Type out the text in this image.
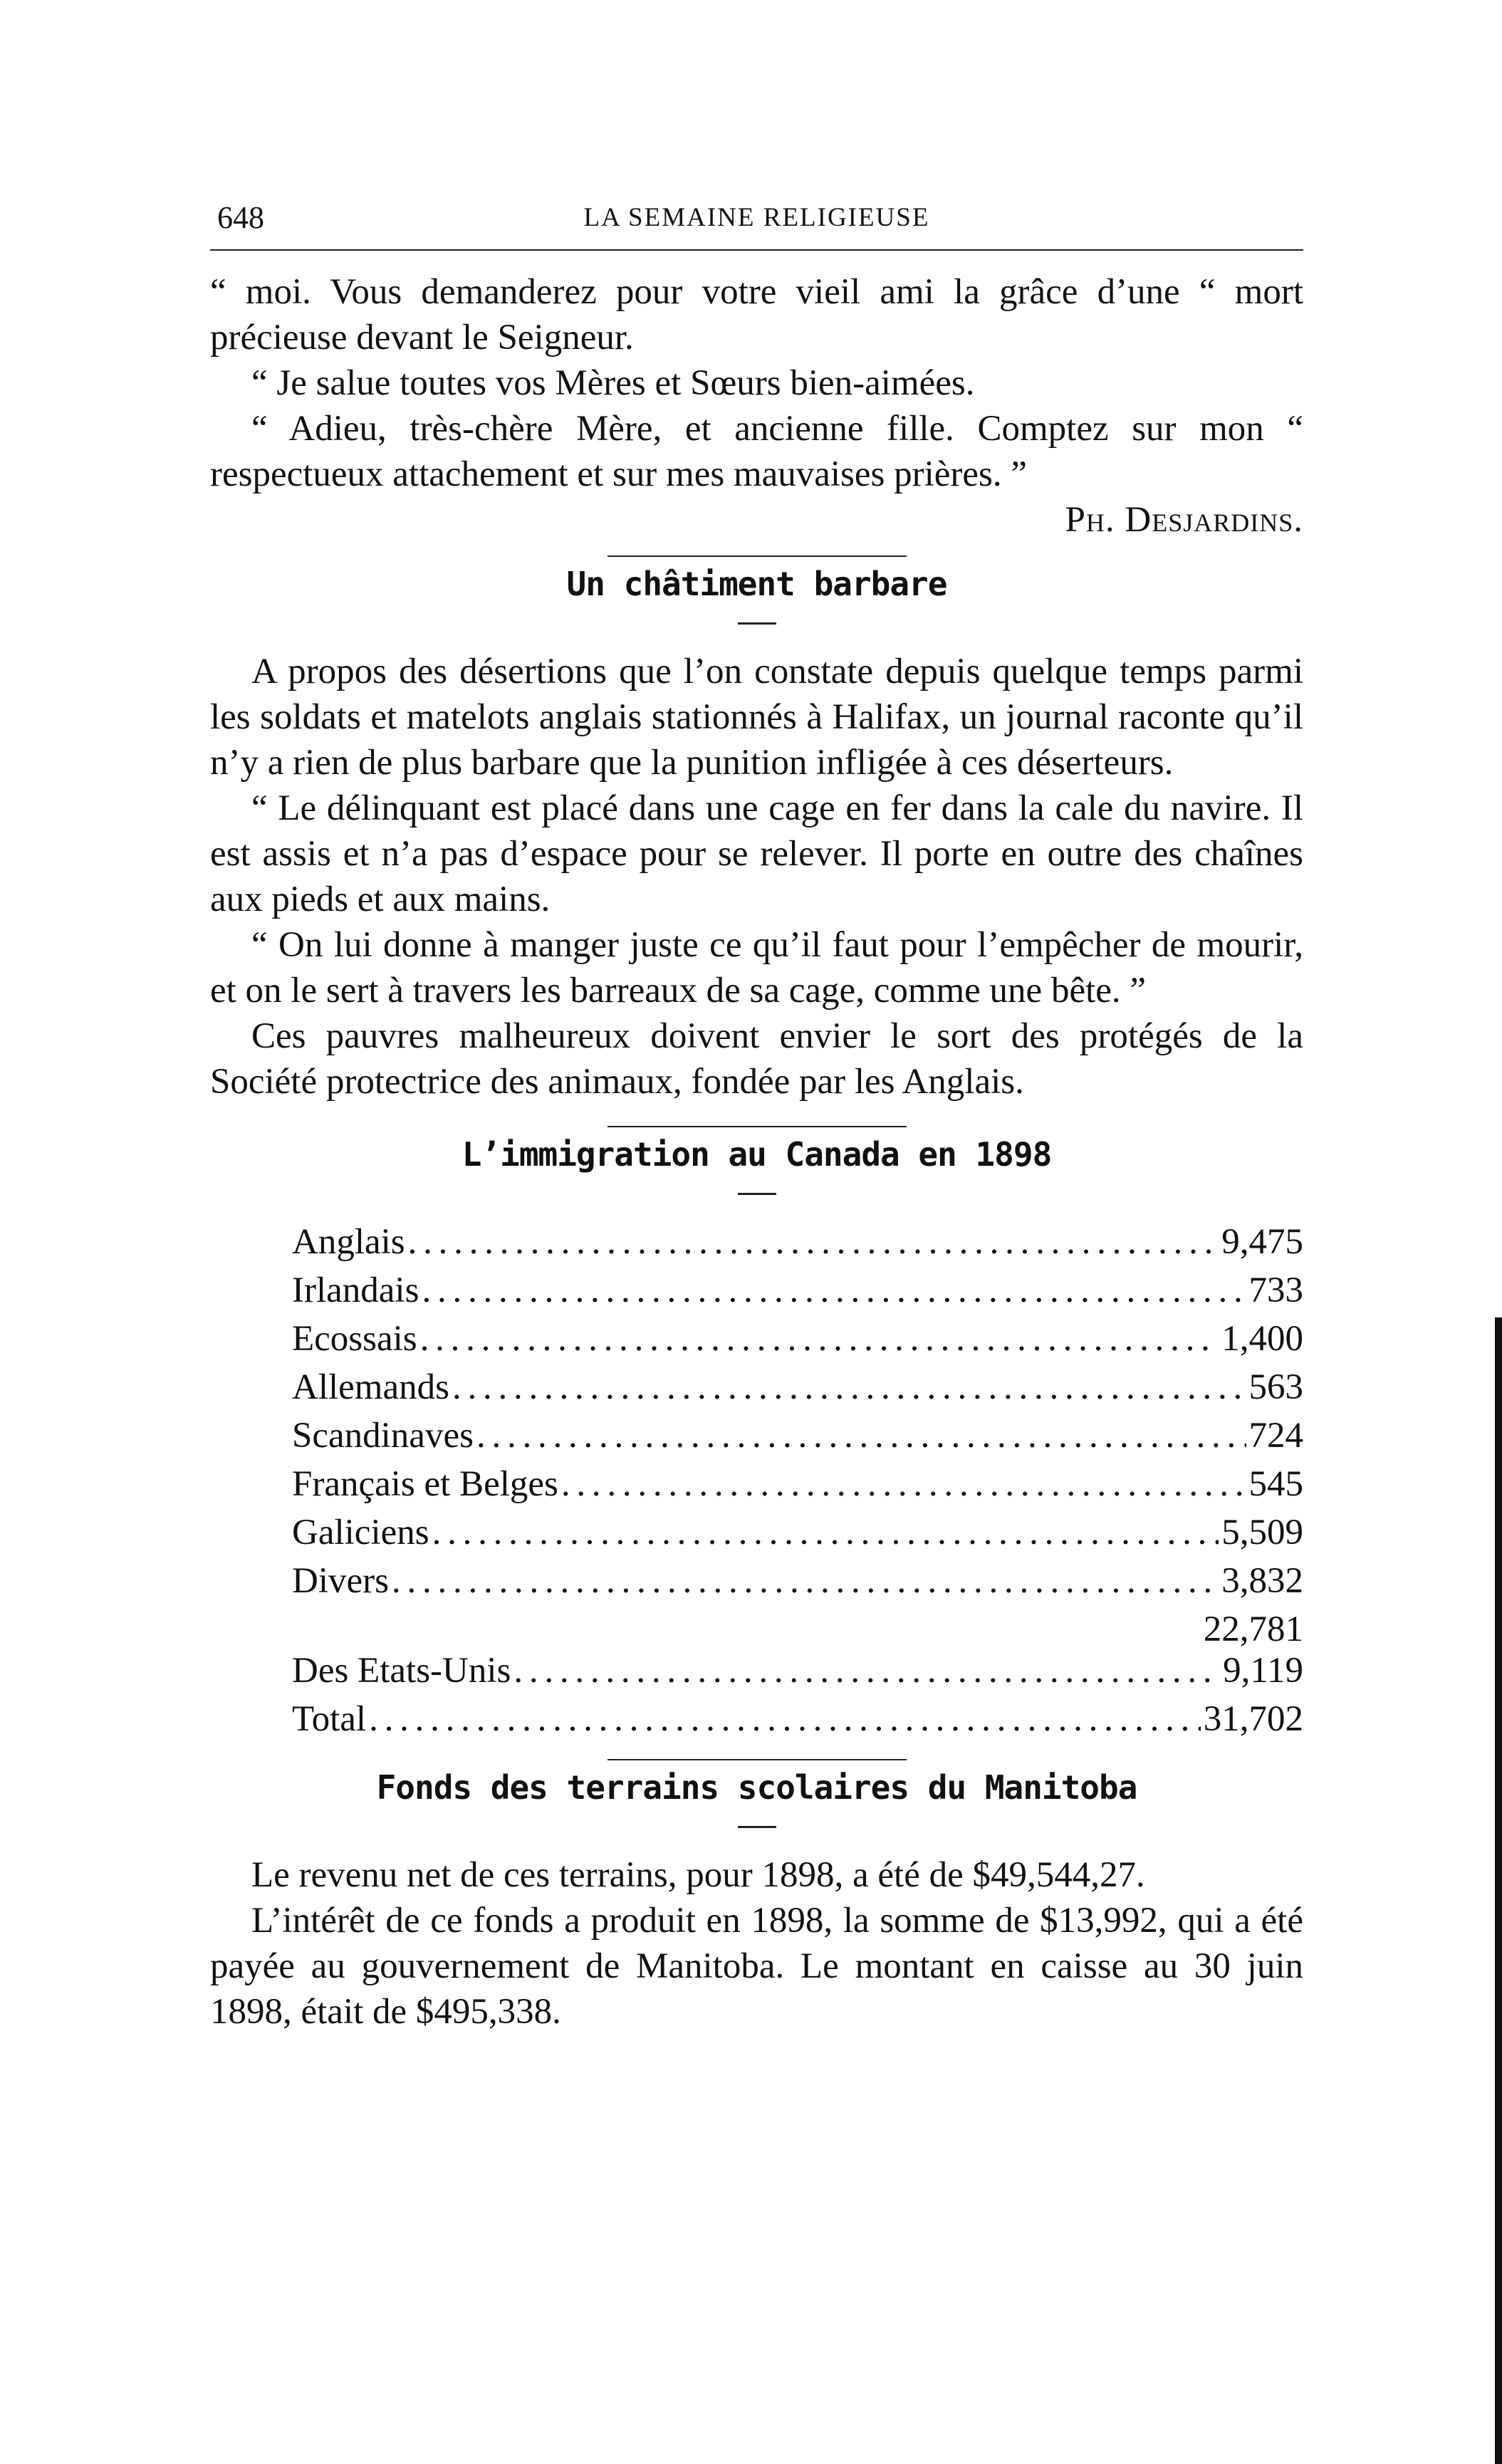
648	LA SEMAINE RELIGIEUSE

“ moi. Vous demanderez pour votre vieil ami la grâce d’une “ mort précieuse devant le Seigneur.

“ Je salue toutes vos Mères et Sœurs bien-aimées.

“ Adieu, très-chère Mère, et ancienne fille. Comptez sur mon “ respectueux attachement et sur mes mauvaises prières. ”

Ph. Desjardins.

Un châtiment barbare

A propos des désertions que l’on constate depuis quelque temps parmi les soldats et matelots anglais stationnés à Halifax, un journal raconte qu’il n’y a rien de plus barbare que la punition infligée à ces déserteurs.

“ Le délinquant est placé dans une cage en fer dans la cale du navire. Il est assis et n’a pas d’espace pour se relever. Il porte en outre des chaînes aux pieds et aux mains.

“ On lui donne à manger juste ce qu’il faut pour l’empêcher de mourir, et on le sert à travers les barreaux de sa cage, comme une bête. ”

Ces pauvres malheureux doivent envier le sort des protégés de la Société protectrice des animaux, fondée par les Anglais.

L’immigration au Canada en 1898
Anglais . . .	9,475
Irlandais . . .	733
Ecossais . . .	1,400
Allemands . . .	563
Scandinaves . . .	724
Français et Belges . . .	545
Galiciens . . .	5,509
Divers . . .	3,832
22,781
Des Etats-Unis . . .	9,119
Total . . .	31,702
Fonds des terrains scolaires du Manitoba

Le revenu net de ces terrains, pour 1898, a été de $49,544,27.

L’intérêt de ce fonds a produit en 1898, la somme de $13,992, qui a été payée au gouvernement de Manitoba. Le montant en caisse au 30 juin 1898, était de $495,338.
